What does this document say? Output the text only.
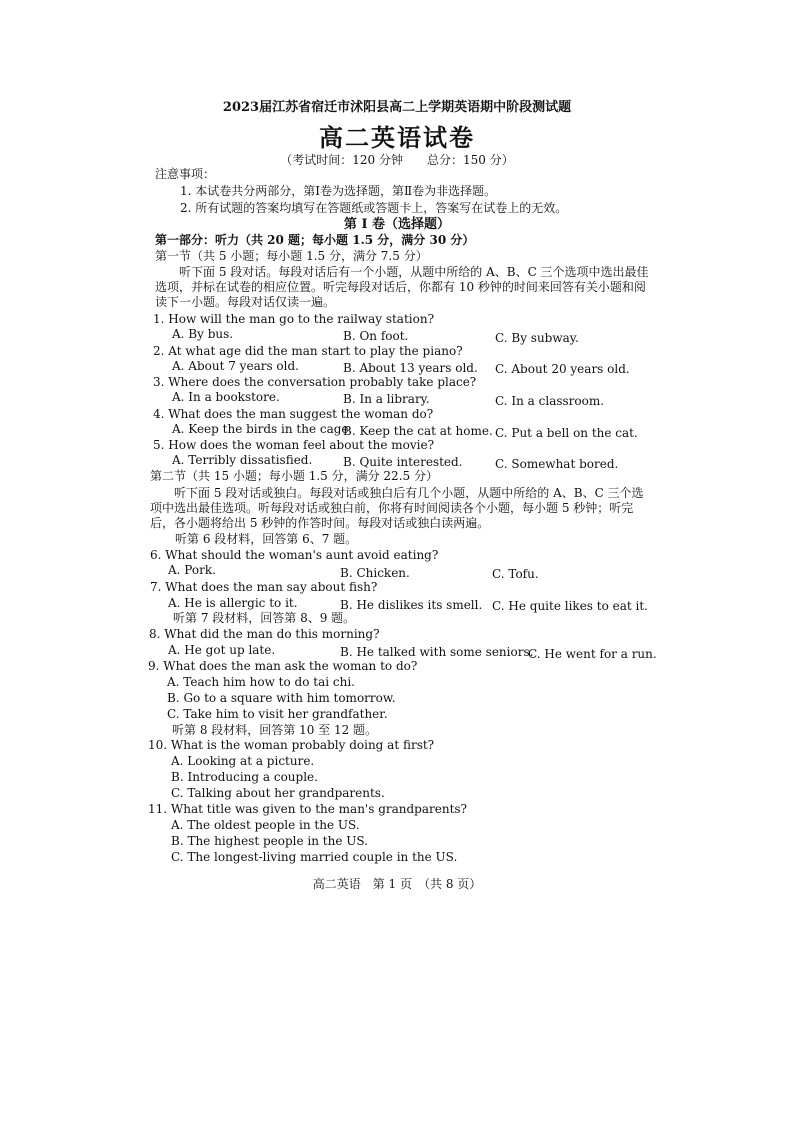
2023届江苏省宿迁市沭阳县高二上学期英语期中阶段测试题
高二英语试卷
（考试时间：120 分钟　　总分：150 分）
注意事项：
1. 本试卷共分两部分，第Ⅰ卷为选择题，第Ⅱ卷为非选择题。
2. 所有试题的答案均填写在答题纸或答题卡上，答案写在试卷上的无效。
第 Ⅰ 卷（选择题）
第一部分：听力（共 20 题；每小题 1.5 分，满分 30 分）
第一节（共 5 小题；每小题 1.5 分，满分 7.5 分）
听下面 5 段对话。每段对话后有一个小题，从题中所给的 A、B、C 三个选项中选出最佳选项，并标在试卷的相应位置。听完每段对话后，你都有 10 秒钟的时间来回答有关小题和阅读下一小题。每段对话仅读一遍。
1. How will the man go to the railway station?
A. By bus.	B. On foot.	C. By subway.
2. At what age did the man start to play the piano?
A. About 7 years old.	B. About 13 years old. C. About 20 years old.
3. Where does the conversation probably take place?
A. In a bookstore.	B. In a library.	C. In a classroom.
4. What does the man suggest the woman do?
A. Keep the birds in the cage.
B. Keep the cat at home. C. Put a bell on the cat.
5. How does the woman feel about the movie?
A. Terribly dissatisfied.	B. Quite interested.	C. Somewhat bored.
第二节（共 15 小题；每小题 1.5 分，满分 22.5 分）
听下面 5 段对话或独白。每段对话或独白后有几个小题，从题中所给的 A、B、C 三个选项中选出最佳选项。听每段对话或独白前，你将有时间阅读各个小题，每小题 5 秒钟；听完后，各小题将给出 5 秒钟的作答时间。每段对话或独白读两遍。
听第 6 段材料，回答第 6、7 题。
6. What should the woman's aunt avoid eating?
A. Pork.	B. Chicken.	C. Tofu.
7. What does the man say about fish?
A. He is allergic to it.	B. He dislikes its smell. C. He quite likes to eat it.
听第 7 段材料，回答第 8、9 题。
8. What did the man do this morning?
A. He got up late.	B. He talked with some seniors.
C. He went for a run.
9. What does the man ask the woman to do?
A. Teach him how to do tai chi.
B. Go to a square with him tomorrow.
C. Take him to visit her grandfather.
听第 8 段材料，回答第 10 至 12 题。
10. What is the woman probably doing at first?
A. Looking at a picture.
B. Introducing a couple.
C. Talking about her grandparents.
11. What title was given to the man's grandparents?
A. The oldest people in the US.
B. The highest people in the US.
C. The longest-living married couple in the US.
高二英语　第 1 页　（共 8 页）
